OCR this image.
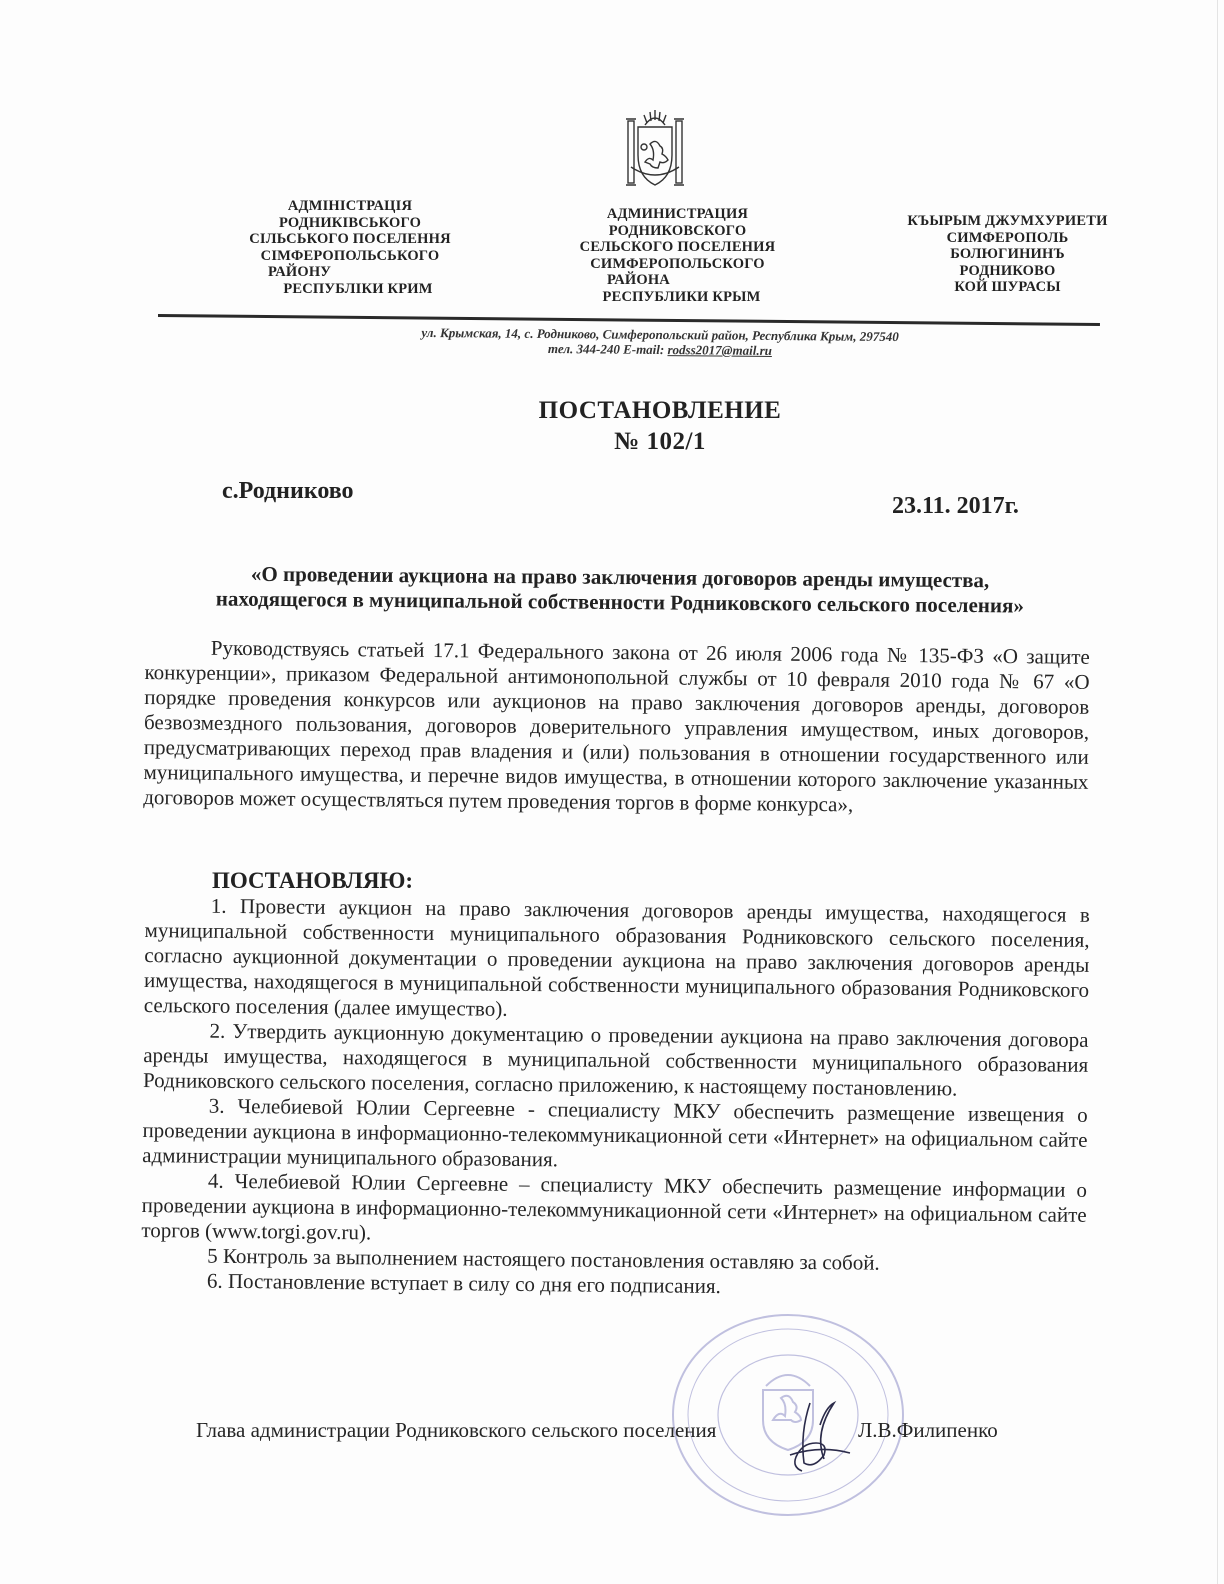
АДМІНІСТРАЦІЯ
РОДНИКІВСЬКОГО
СІЛЬСЬКОГО ПОСЕЛЕННЯ
СІМФЕРОПОЛЬСЬКОГО
РАЙОНУ
РЕСПУБЛІКИ КРИМ
АДМИНИСТРАЦИЯ
РОДНИКОВСКОГО
СЕЛЬСКОГО ПОСЕЛЕНИЯ
СИМФЕРОПОЛЬСКОГО
РАЙОНА
РЕСПУБЛИКИ КРЫМ
КЪЫРЫМ ДЖУМХУРИЕТИ
СИМФЕРОПОЛЬ
БОЛЮГИНИНЪ
РОДНИКОВО
КОЙ ШУРАСЫ
ул. Крымская, 14, с. Родниково, Симферопольский район, Республика Крым, 297540
тел. 344-240 E-mail: rodss2017@mail.ru
ПОСТАНОВЛЕНИЕ
№ 102/1
с.Родниково
23.11. 2017г.
«О проведении аукциона на право заключения договоров аренды имущества,
находящегося в муниципальной собственности Родниковского сельского поселения»

Руководствуясь статьей 17.1 Федерального закона от 26 июля 2006 года № 135-ФЗ «О защите конкуренции», приказом Федеральной антимонопольной службы от 10 февраля 2010 года № 67 «О порядке проведения конкурсов или аукционов на право заключения договоров аренды, договоров безвозмездного пользования, договоров доверительного управления имуществом, иных договоров, предусматривающих переход прав владения и (или) пользования в отношении государственного или муниципального имущества, и перечне видов имущества, в отношении которого заключение указанных договоров может осуществляться путем проведения торгов в форме конкурса»,

ПОСТАНОВЛЯЮ:

1. Провести аукцион на право заключения договоров аренды имущества, находящегося в муниципальной собственности муниципального образования Родниковского сельского поселения, согласно аукционной документации о проведении аукциона на право заключения договоров аренды имущества, находящегося в муниципальной собственности муниципального образования Родниковского сельского поселения (далее имущество).

2. Утвердить аукционную документацию о проведении аукциона на право заключения договора аренды имущества, находящегося в муниципальной собственности муниципального образования Родниковского сельского поселения, согласно приложению, к настоящему постановлению.

3. Челебиевой Юлии Сергеевне - специалисту МКУ обеспечить размещение извещения о проведении аукциона в информационно-телекоммуникационной сети «Интернет» на официальном сайте администрации муниципального образования.

4. Челебиевой Юлии Сергеевне – специалисту МКУ обеспечить размещение информации о проведении аукциона в информационно-телекоммуникационной сети «Интернет» на официальном сайте торгов (www.torgi.gov.ru).

5 Контроль за выполнением настоящего постановления оставляю за собой.

6. Постановление вступает в силу со дня его подписания.

Глава администрации Родниковского сельского поселения	Л.В.Филипенко
